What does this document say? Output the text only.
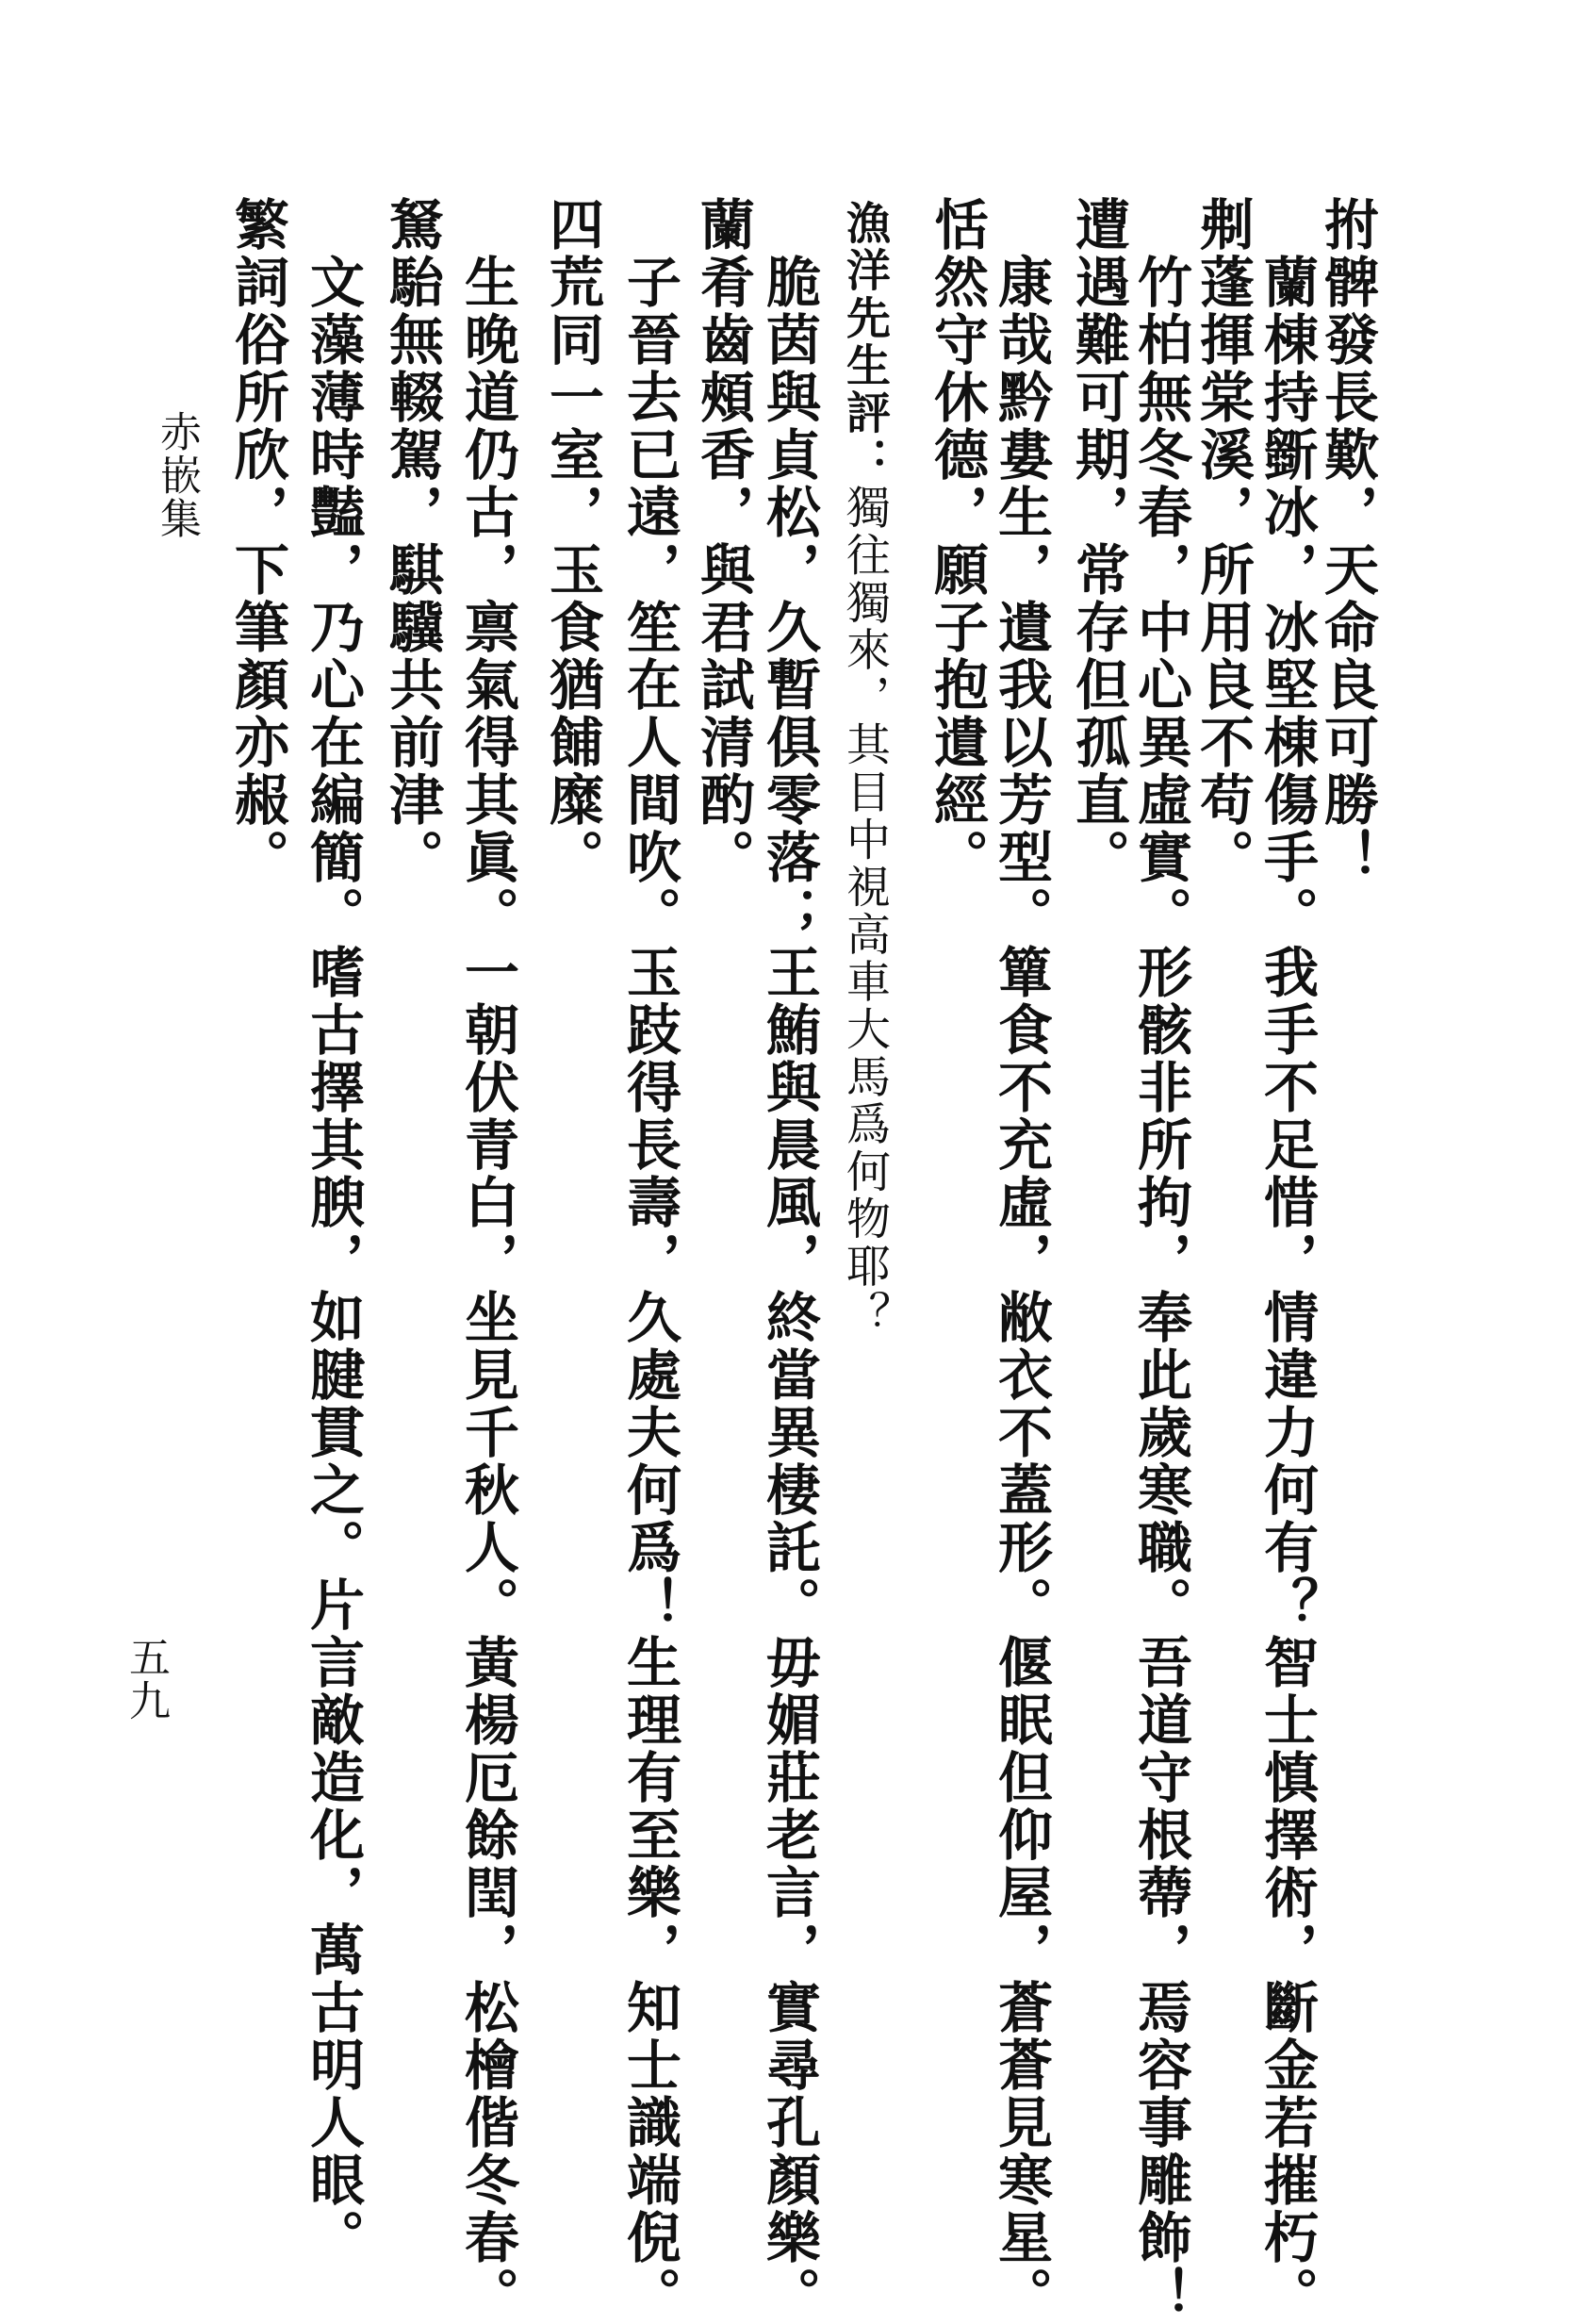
拊髀發長歎，天命良可勝！
　蘭棟持斵冰，冰堅棟傷手。我手不足惜，情違力何有？智士慎擇術，斷金若摧朽。
刜蓬揮棠溪，所用良不苟。
　竹柏無冬春，中心異虛實。形骸非所拘，奉此歲寒職。吾道守根蔕，焉容事雕飾！
遭遇難可期，常存但孤直。
　康哉黔婁生，遺我以芳型。簞食不充虛，敝衣不蓋形。偃眠但仰屋，蒼蒼見寒星。
恬然守休德，願子抱遺經。
漁洋先生評：獨往獨來，其目中視高車大馬爲何物耶？
　脆茵與貞松，久暫俱零落；王鮪與晨風，終當異棲託。毋媚莊老言，實尋孔顏樂。
蘭肴齒頰香，與君試清酌。
　子晉去已遠，笙在人間吹。玉跂得長壽，久處夫何爲！生理有至樂，知士識端倪。
四荒同一室，玉食猶餔糜。
　生晚道仍古，禀氣得其眞。一朝伏青白，坐見千秋人。黃楊厄餘閏，松檜偕冬春。
駑駘無輟駕，騏驥共前津。
　文藻薄時豔，乃心在編簡。嗜古擇其腴，如腱貫之。片言敵造化，萬古明人眼。
繁詞俗所欣，下筆顏亦赧。
赤嵌集
五九
